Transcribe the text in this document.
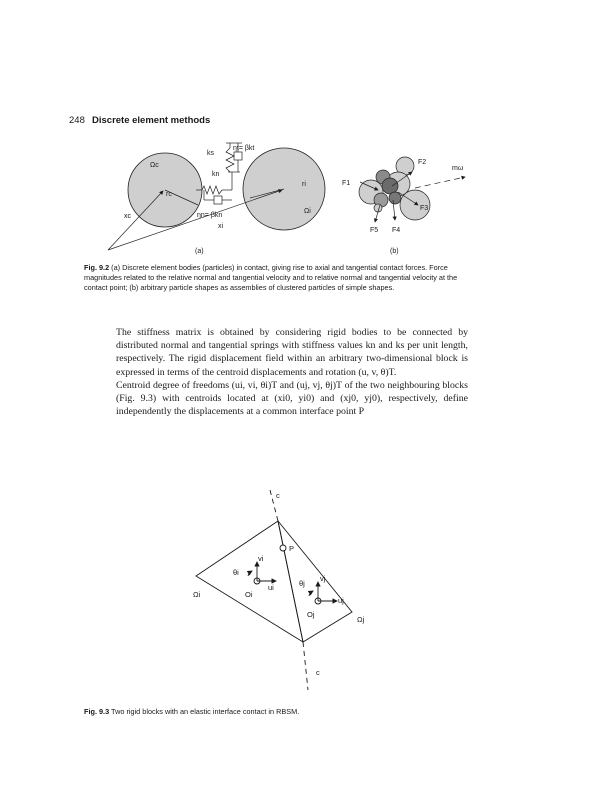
248 Discrete element methods
Ωc
ks
kn
ηt= βkt
ηn= βkn
rc
ri
xc
xi
Ωi
F1
F2
F3
F4
F5
mω
(a)	(b)
Fig. 9.2 (a) Discrete element bodies (particles) in contact, giving rise to axial and tangential contact forces. Force magnitudes related to the relative normal and tangential velocity and to relative normal and tangential velocity at the contact point; (b) arbitrary particle shapes as assemblies of clustered particles of simple shapes.

The stiffness matrix is obtained by considering rigid bodies to be connected by distributed normal and tangential springs with stiffness values kn and ks per unit length, respectively. The rigid displacement field within an arbitrary two-dimensional block is expressed in terms of the centroid displacements and rotation (u, v, θ)T.

Centroid degree of freedoms (ui, vi, θi)T and (uj, vj, θj)T of the two neighbouring blocks (Fig. 9.3) with centroids located at (xi0, yi0) and (xj0, yj0), respectively, define independently the displacements at a common interface point P

c
c
P
vi
ui
θi
Oi
Ωi
vj
uj
θj
Oj
Ωj
Fig. 9.3 Two rigid blocks with an elastic interface contact in RBSM.
